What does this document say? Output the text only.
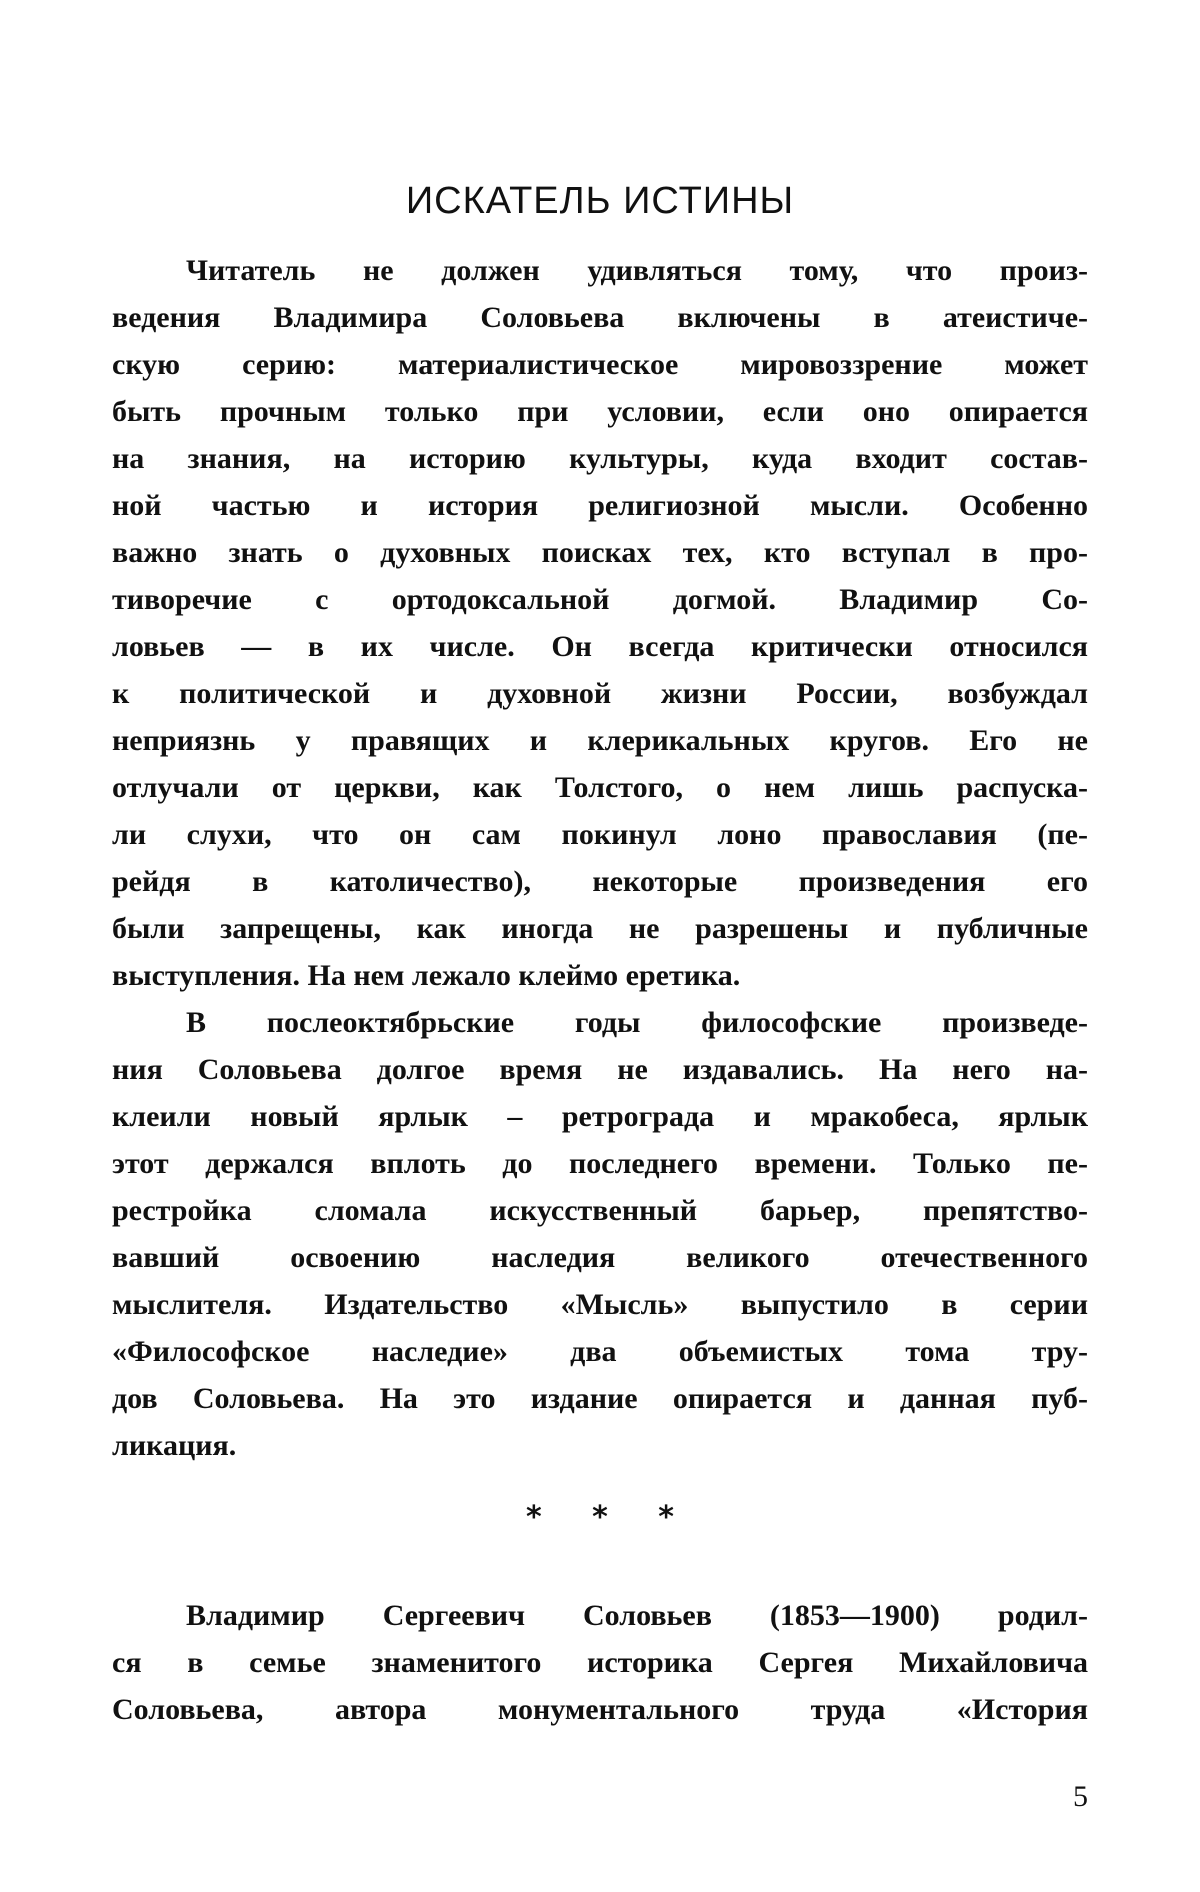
ИСКАТЕЛЬ ИСТИНЫ
Читатель не должен удивляться тому, что произ-
ведения Владимира Соловьева включены в атеистиче-
скую серию: материалистическое мировоззрение может
быть прочным только при условии, если оно опирается
на знания, на историю культуры, куда входит состав-
ной частью и история религиозной мысли. Особенно
важно знать о духовных поисках тех, кто вступал в про-
тиворечие с ортодоксальной догмой. Владимир Со-
ловьев — в их числе. Он всегда критически относился
к политической и духовной жизни России, возбуждал
неприязнь у правящих и клерикальных кругов. Его не
отлучали от церкви, как Толстого, о нем лишь распуска-
ли слухи, что он сам покинул лоно православия (пе-
рейдя в католичество), некоторые произведения его
были запрещены, как иногда не разрешены и публичные
выступления. На нем лежало клеймо еретика.
В послеоктябрьские годы философские произведе-
ния Соловьева долгое время не издавались. На него на-
клеили новый ярлык – ретрограда и мракобеса, ярлык
этот держался вплоть до последнего времени. Только пе-
рестройка сломала искусственный барьер, препятство-
вавший освоению наследия великого отечественного
мыслителя. Издательство «Мысль» выпустило в серии
«Философское наследие» два объемистых тома тру-
дов Соловьева. На это издание опирается и данная пуб-
ликация.
* * *
Владимир Сергеевич Соловьев (1853—1900) родил-
ся в семье знаменитого историка Сергея Михайловича
Соловьева, автора монументального труда «История
5
